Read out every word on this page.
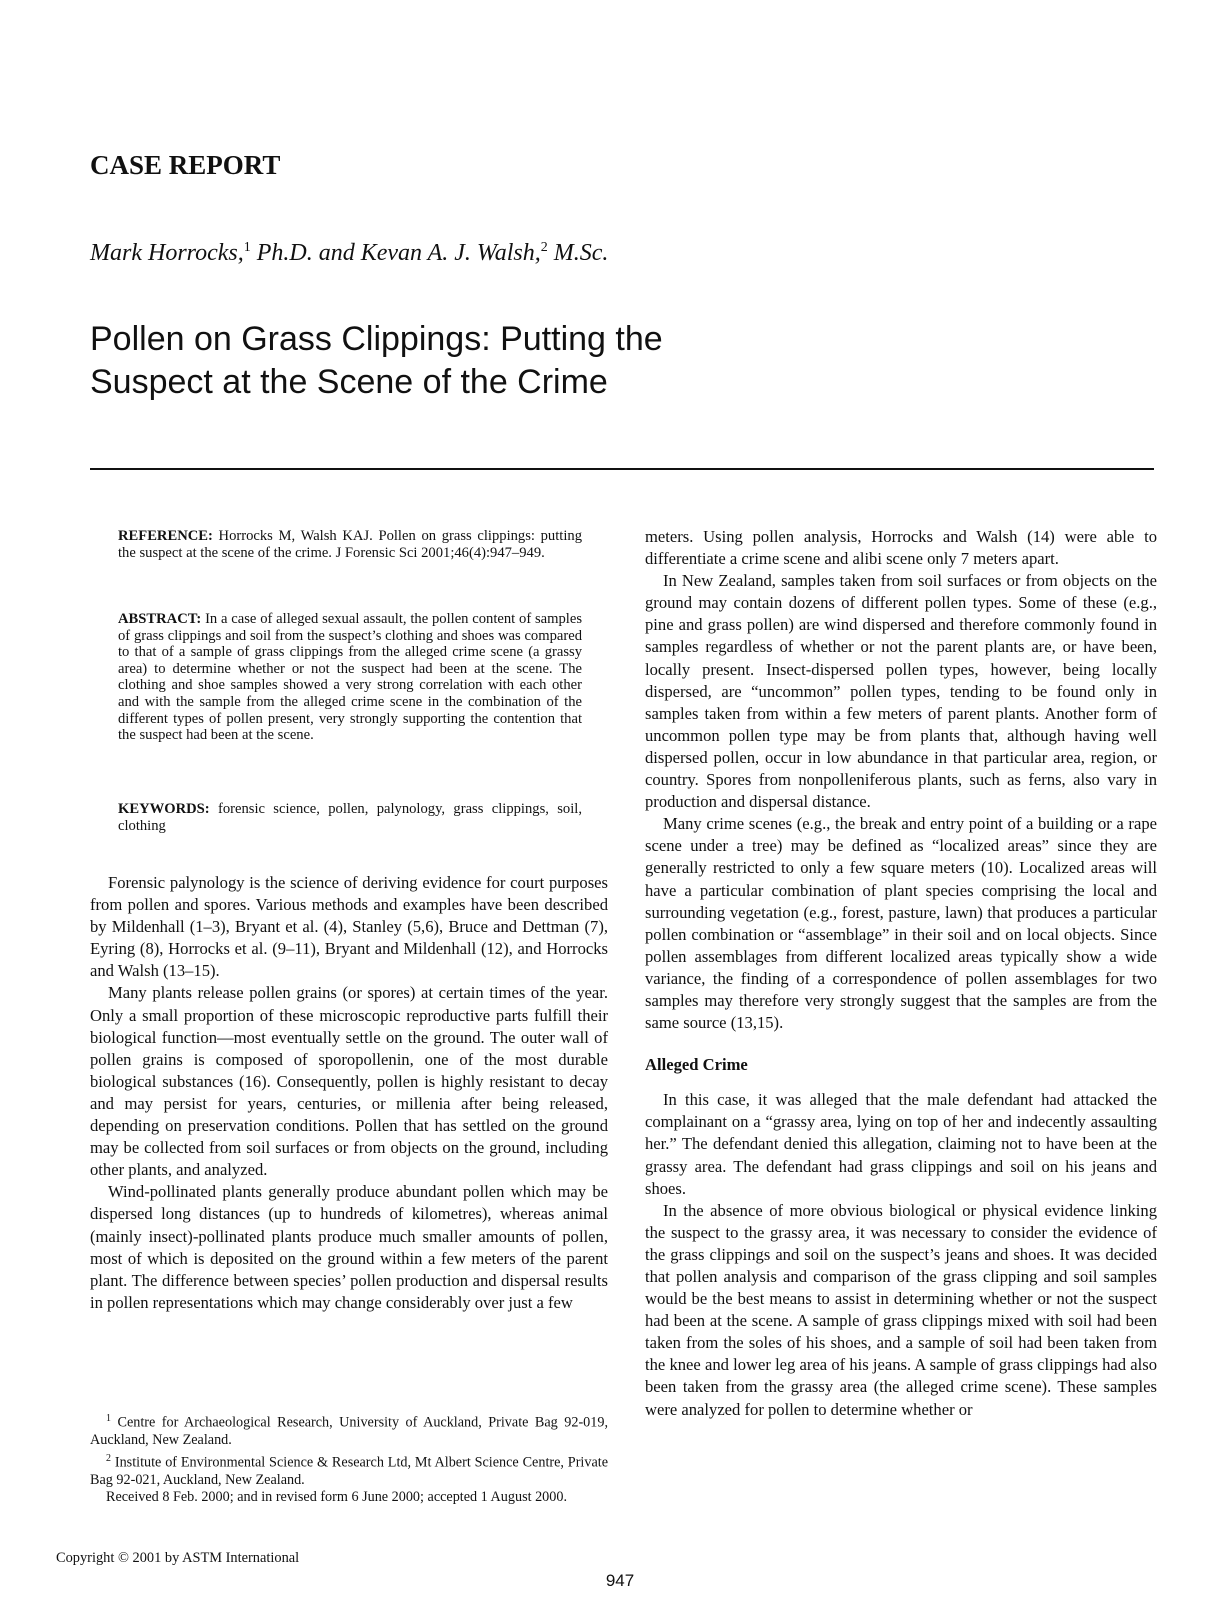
CASE REPORT

Mark Horrocks,$^1$ Ph.D. and Kevan A. J. Walsh,$^2$ M.Sc.

Pollen on Grass Clippings: Putting the
Suspect at the Scene of the Crime
REFERENCE: Horrocks M, Walsh KAJ. Pollen on grass clippings: putting the suspect at the scene of the crime. J Forensic Sci 2001;46(4):947–949.
ABSTRACT: In a case of alleged sexual assault, the pollen content of samples of grass clippings and soil from the suspect’s clothing and shoes was compared to that of a sample of grass clippings from the alleged crime scene (a grassy area) to determine whether or not the suspect had been at the scene. The clothing and shoe samples showed a very strong correlation with each other and with the sample from the alleged crime scene in the combination of the different types of pollen present, very strongly supporting the contention that the suspect had been at the scene.
KEYWORDS: forensic science, pollen, palynology, grass clippings, soil, clothing

Forensic palynology is the science of deriving evidence for court purposes from pollen and spores. Various methods and examples have been described by Mildenhall (1–3), Bryant et al. (4), Stanley (5,6), Bruce and Dettman (7), Eyring (8), Horrocks et al. (9–11), Bryant and Mildenhall (12), and Horrocks and Walsh (13–15).

Many plants release pollen grains (or spores) at certain times of the year. Only a small proportion of these microscopic reproductive parts fulfill their biological function—most eventually settle on the ground. The outer wall of pollen grains is composed of sporopollenin, one of the most durable biological substances (16). Consequently, pollen is highly resistant to decay and may persist for years, centuries, or millenia after being released, depending on preservation conditions. Pollen that has settled on the ground may be collected from soil surfaces or from objects on the ground, including other plants, and analyzed.

Wind-pollinated plants generally produce abundant pollen which may be dispersed long distances (up to hundreds of kilometres), whereas animal (mainly insect)-pollinated plants produce much smaller amounts of pollen, most of which is deposited on the ground within a few meters of the parent plant. The difference between species’ pollen production and dispersal results in pollen representations which may change considerably over just a few

$^1$ Centre for Archaeological Research, University of Auckland, Private Bag 92-019, Auckland, New Zealand.

$^2$ Institute of Environmental Science & Research Ltd, Mt Albert Science Centre, Private Bag 92-021, Auckland, New Zealand.

Received 8 Feb. 2000; and in revised form 6 June 2000; accepted 1 August 2000.

meters. Using pollen analysis, Horrocks and Walsh (14) were able to differentiate a crime scene and alibi scene only 7 meters apart.

In New Zealand, samples taken from soil surfaces or from objects on the ground may contain dozens of different pollen types. Some of these (e.g., pine and grass pollen) are wind dispersed and therefore commonly found in samples regardless of whether or not the parent plants are, or have been, locally present. Insect-dispersed pollen types, however, being locally dispersed, are “uncommon” pollen types, tending to be found only in samples taken from within a few meters of parent plants. Another form of uncommon pollen type may be from plants that, although having well dispersed pollen, occur in low abundance in that particular area, region, or country. Spores from nonpolleniferous plants, such as ferns, also vary in production and dispersal distance.

Many crime scenes (e.g., the break and entry point of a building or a rape scene under a tree) may be defined as “localized areas” since they are generally restricted to only a few square meters (10). Localized areas will have a particular combination of plant species comprising the local and surrounding vegetation (e.g., forest, pasture, lawn) that produces a particular pollen combination or “assemblage” in their soil and on local objects. Since pollen assemblages from different localized areas typically show a wide variance, the finding of a correspondence of pollen assemblages for two samples may therefore very strongly suggest that the samples are from the same source (13,15).

Alleged Crime

In this case, it was alleged that the male defendant had attacked the complainant on a “grassy area, lying on top of her and indecently assaulting her.” The defendant denied this allegation, claiming not to have been at the grassy area. The defendant had grass clippings and soil on his jeans and shoes.

In the absence of more obvious biological or physical evidence linking the suspect to the grassy area, it was necessary to consider the evidence of the grass clippings and soil on the suspect’s jeans and shoes. It was decided that pollen analysis and comparison of the grass clipping and soil samples would be the best means to assist in determining whether or not the suspect had been at the scene. A sample of grass clippings mixed with soil had been taken from the soles of his shoes, and a sample of soil had been taken from the knee and lower leg area of his jeans. A sample of grass clippings had also been taken from the grassy area (the alleged crime scene). These samples were analyzed for pollen to determine whether or

Copyright © 2001 by ASTM International
947
